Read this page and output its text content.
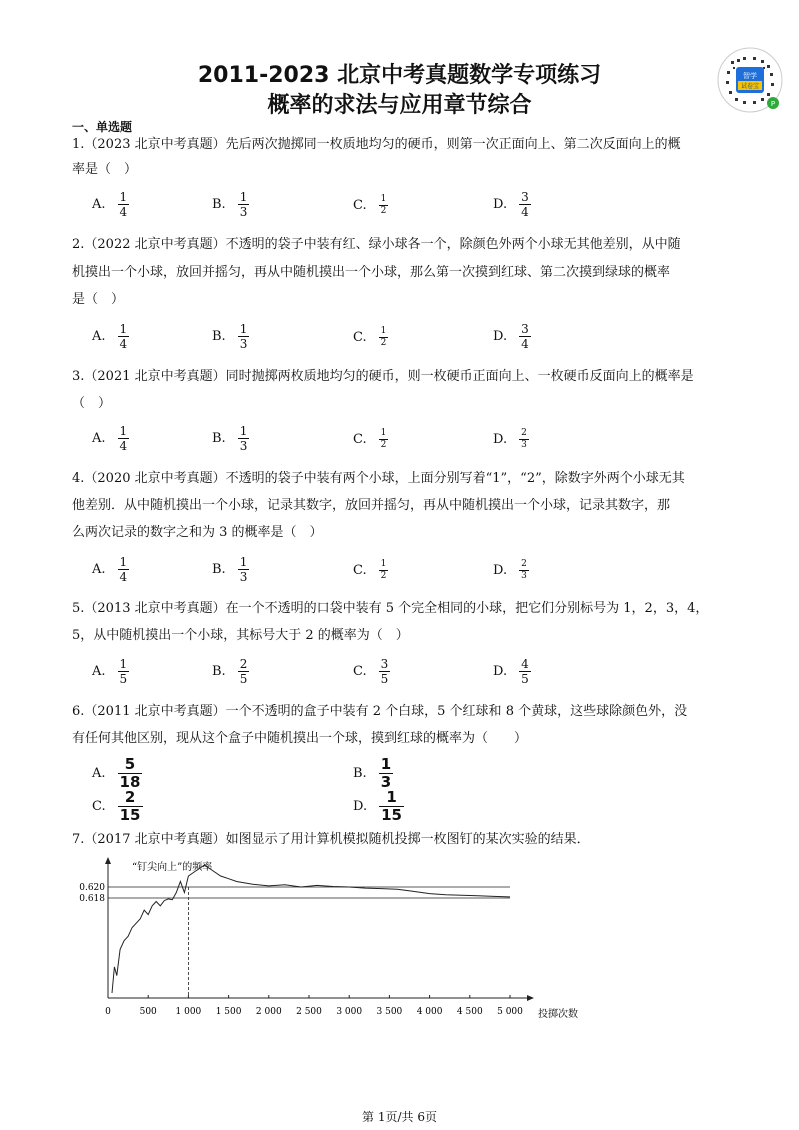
2011-2023 北京中考真题数学专项练习
概率的求法与应用章节综合
智学
试卷宝
P
一、单选题
1.（2023 北京中考真题）先后两次抛掷同一枚质地均匀的硬币，则第一次正面向上、第二次反面向上的概
率是（　）
A. $\frac{1}{4}$	B. $\frac{1}{3}$	C. $\frac{1}{2}$	D. $\frac{3}{4}$
2.（2022 北京中考真题）不透明的袋子中装有红、绿小球各一个，除颜色外两个小球无其他差别，从中随
机摸出一个小球，放回并摇匀，再从中随机摸出一个小球，那么第一次摸到红球、第二次摸到绿球的概率
是（　）
A. $\frac{1}{4}$	B. $\frac{1}{3}$	C. $\frac{1}{2}$	D. $\frac{3}{4}$
3.（2021 北京中考真题）同时抛掷两枚质地均匀的硬币，则一枚硬币正面向上、一枚硬币反面向上的概率是
（　）
A. $\frac{1}{4}$	B. $\frac{1}{3}$	C. $\frac{1}{2}$	D. $\frac{2}{3}$
4.（2020 北京中考真题）不透明的袋子中装有两个小球，上面分别写着“1”，“2”，除数字外两个小球无其
他差别．从中随机摸出一个小球，记录其数字，放回并摇匀，再从中随机摸出一个小球，记录其数字，那
么两次记录的数字之和为 3 的概率是（　）
A. $\frac{1}{4}$	B. $\frac{1}{3}$	C. $\frac{1}{2}$	D. $\frac{2}{3}$
5.（2013 北京中考真题）在一个不透明的口袋中装有 5 个完全相同的小球，把它们分别标号为 1，2，3，4，
5，从中随机摸出一个小球，其标号大于 2 的概率为（　）
A. $\frac{1}{5}$	B. $\frac{2}{5}$	C. $\frac{3}{5}$	D. $\frac{4}{5}$
6.（2011 北京中考真题）一个不透明的盒子中装有 2 个白球，5 个红球和 8 个黄球，这些球除颜色外，没
有任何其他区别，现从这个盒子中随机摸出一个球，摸到红球的概率为（　　）
A. $\frac{5}{18}$	B. $\frac{1}{3}$
C. $\frac{2}{15}$	D. $\frac{1}{15}$
7.（2017 北京中考真题）如图显示了用计算机模拟随机投掷一枚图钉的某次实验的结果．
“钉尖向上”的频率
投掷次数
0	500 1 000 1 500 2 000 2 500 3 000 3 500 4 000 4 500 5 000
0.620
0.618
第 1页/共 6页
